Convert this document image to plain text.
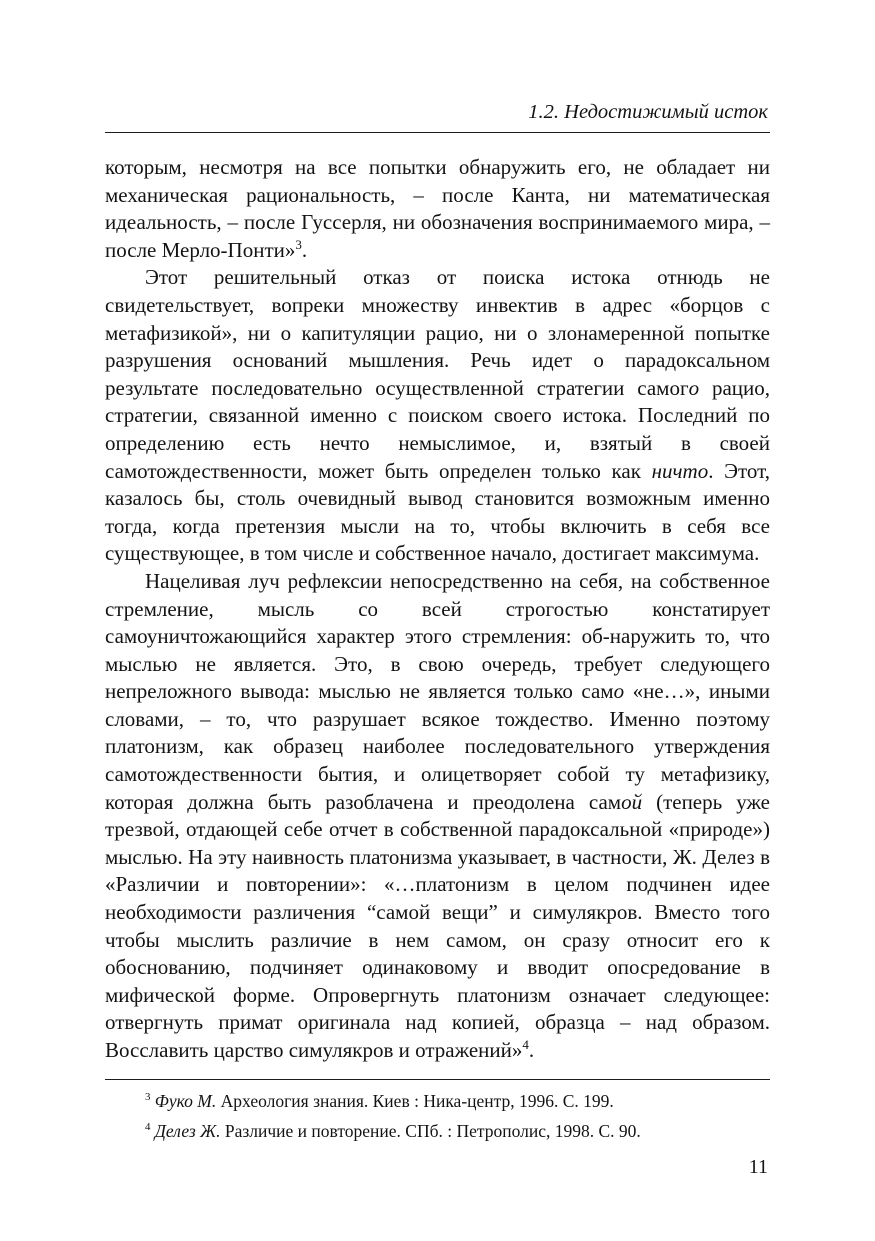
1.2. Недостижимый исток

которым, несмотря на все попытки обнаружить его, не обладает ни механическая рациональность, – после Канта, ни математическая идеальность, – после Гуссерля, ни обозначения воспринимаемого мира, – после Мерло-Понти»$^3$.

Этот решительный отказ от поиска истока отнюдь не свидетельствует, вопреки множеству инвектив в адрес «борцов с метафизикой», ни о капитуляции рацио, ни о злонамеренной попытке разрушения оснований мышления. Речь идет о парадоксальном результате последовательно осуществленной стратегии самого рацио, стратегии, связанной именно с поиском своего истока. Последний по определению есть нечто немыслимое, и, взятый в своей самотождественности, может быть определен только как ничто. Этот, казалось бы, столь очевидный вывод становится возможным именно тогда, когда претензия мысли на то, чтобы включить в себя все существующее, в том числе и собственное начало, достигает максимума.

Нацеливая луч рефлексии непосредственно на себя, на собственное стремление, мысль со всей строгостью констатирует самоуничтожающийся характер этого стремления: об-наружить то, что мыслью не является. Это, в свою очередь, требует следующего непреложного вывода: мыслью не является только само «не…», иными словами, – то, что разрушает всякое тождество. Именно поэтому платонизм, как образец наиболее последовательного утверждения самотождественности бытия, и олицетворяет собой ту метафизику, которая должна быть разоблачена и преодолена самой (теперь уже трезвой, отдающей себе отчет в собственной парадоксальной «природе») мыслью. На эту наивность платонизма указывает, в частности, Ж. Делез в «Различии и повторении»: «…платонизм в целом подчинен идее необходимости различения “самой вещи” и симулякров. Вместо того чтобы мыслить различие в нем самом, он сразу относит его к обоснованию, подчиняет одинаковому и вводит опосредование в мифической форме. Опровергнуть платонизм означает следующее: отвергнуть примат оригинала над копией, образца – над образом. Восславить царство симулякров и отражений»$^4$.

$^3$ Фуко М. Археология знания. Киев : Ника-центр, 1996. С. 199.

$^4$ Делез Ж. Различие и повторение. СПб. : Петрополис, 1998. С. 90.

11
